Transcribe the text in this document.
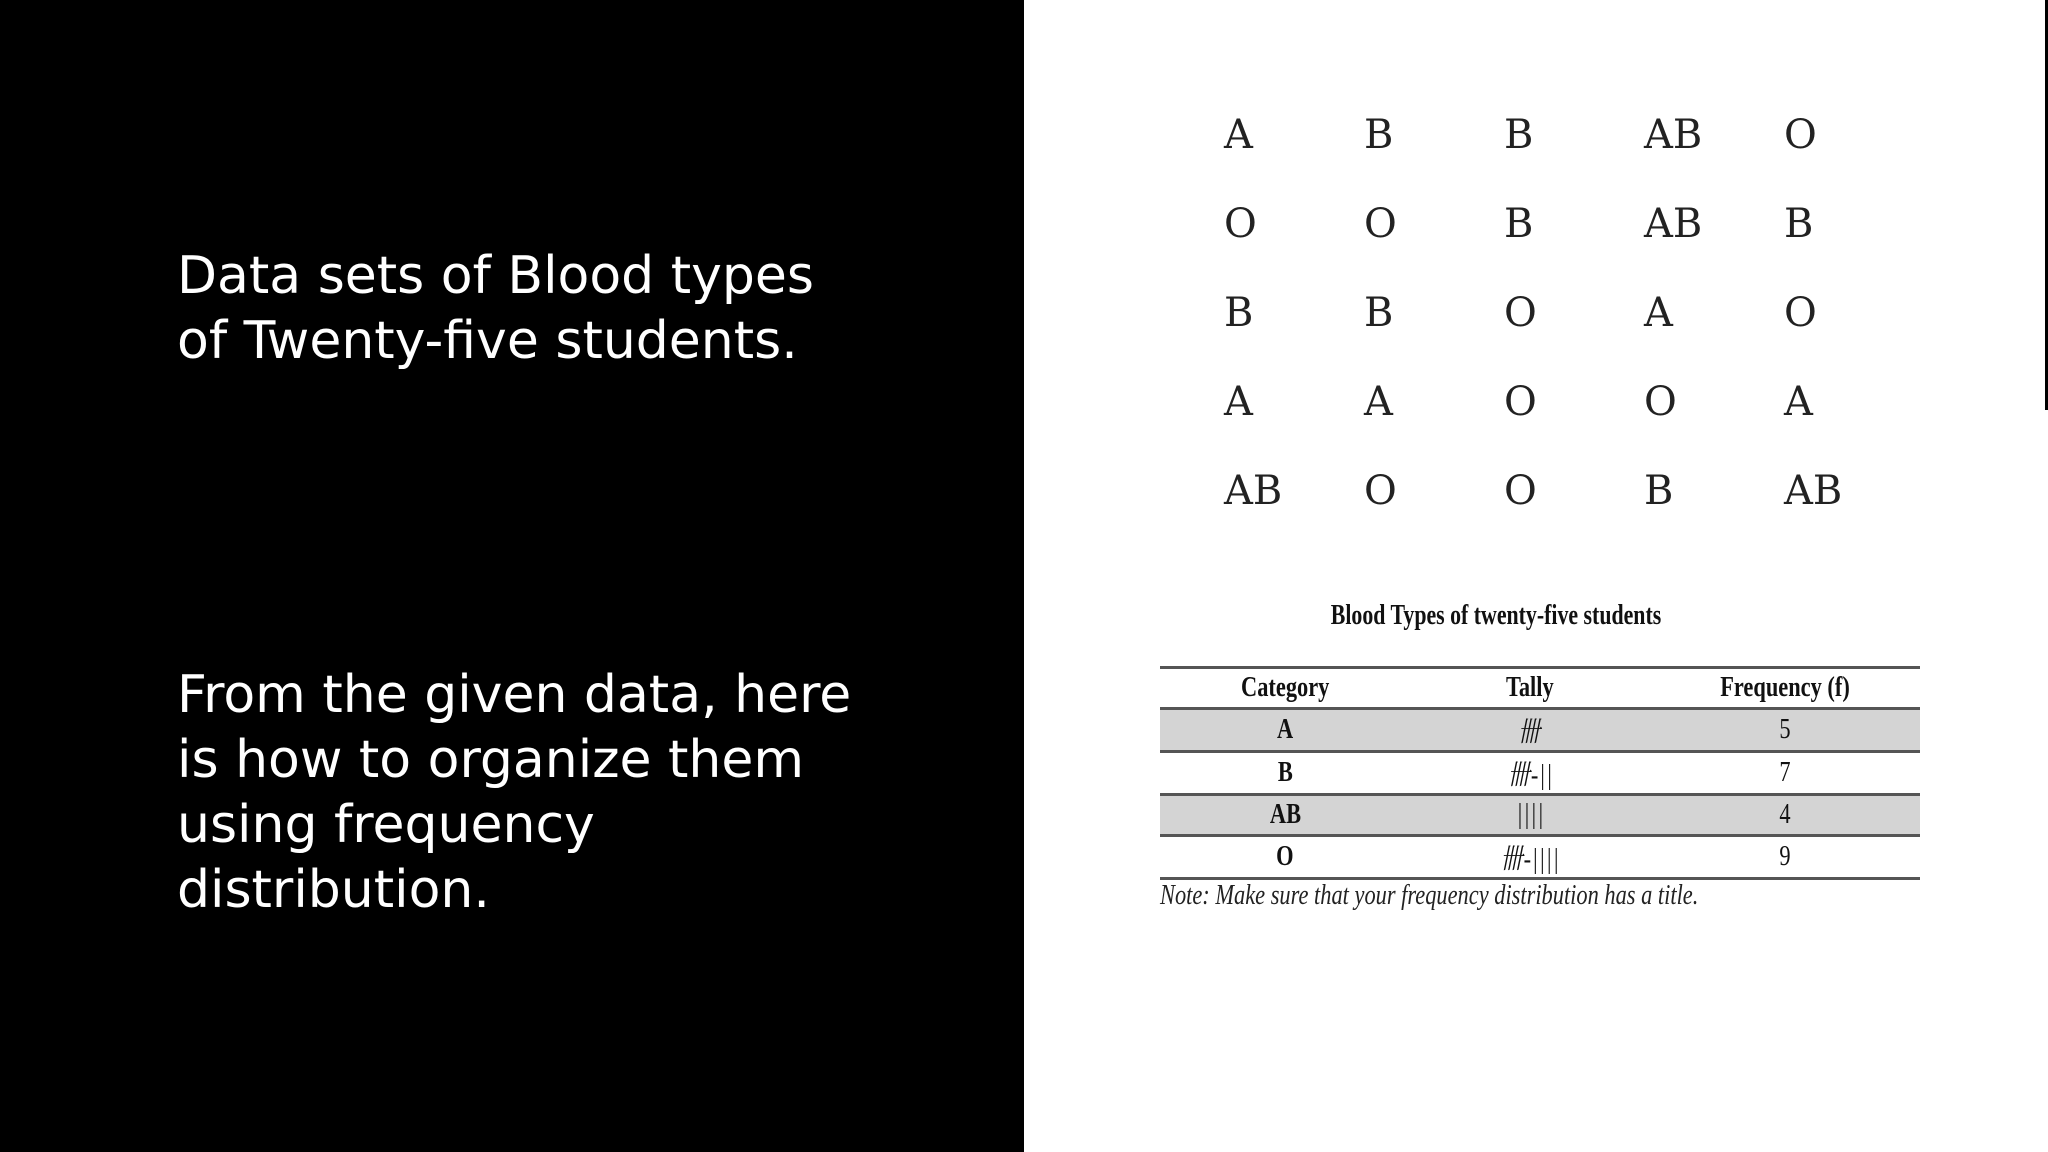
Data sets of Blood types of Twenty-five students.

From the given data, here is how to organize them using frequency distribution.

A	B	B	AB	O
O	O	B	AB	B
B	B	O	A	O
A	A	O	O	A
AB	O	O	B	AB

Blood Types of twenty-five students

Category	Tally	Frequency (f)
A	卌	5
B	卌-||	7
AB	||||	4
O	卌-||||	9

Note: Make sure that your frequency distribution has a title.
